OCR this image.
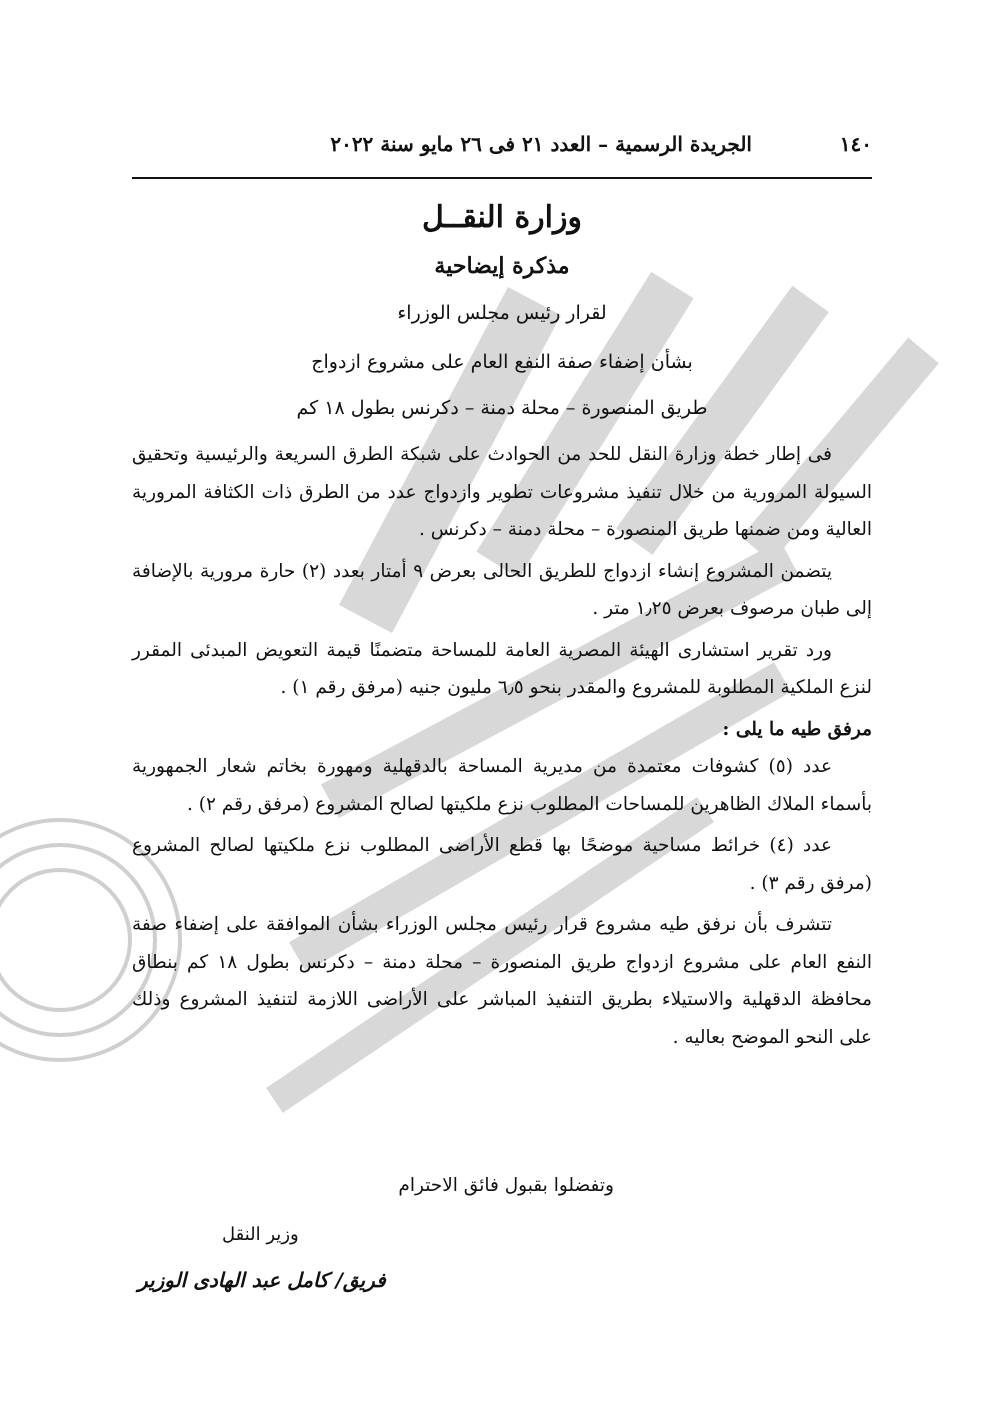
١٤٠
الجريدة الرسمية – العدد ٢١ فى ٢٦ مايو سنة ٢٠٢٢
وزارة النقــل
مذكرة إيضاحية
لقرار رئيس مجلس الوزراء
بشأن إضفاء صفة النفع العام على مشروع ازدواج
طريق المنصورة – محلة دمنة – دكرنس بطول ١٨ كم

فى إطار خطة وزارة النقل للحد من الحوادث على شبكة الطرق السريعة والرئيسية وتحقيق السيولة المرورية من خلال تنفيذ مشروعات تطوير وازدواج عدد من الطرق ذات الكثافة المرورية العالية ومن ضمنها طريق المنصورة – محلة دمنة – دكرنس .

يتضمن المشروع إنشاء ازدواج للطريق الحالى بعرض ٩ أمتار بعدد (٢) حارة مرورية بالإضافة إلى طبان مرصوف بعرض ١٫٢٥ متر .

ورد تقرير استشارى الهيئة المصرية العامة للمساحة متضمنًا قيمة التعويض المبدئى المقرر لنزع الملكية المطلوبة للمشروع والمقدر بنحو ٦٫٥ مليون جنيه (مرفق رقم ١) .

مرفق طيه ما يلى :

عدد (٥) كشوفات معتمدة من مديرية المساحة بالدقهلية ومهورة بخاتم شعار الجمهورية بأسماء الملاك الظاهرين للمساحات المطلوب نزع ملكيتها لصالح المشروع (مرفق رقم ٢) .

عدد (٤) خرائط مساحية موضحًا بها قطع الأراضى المطلوب نزع ملكيتها لصالح المشروع (مرفق رقم ٣) .

تتشرف بأن نرفق طيه مشروع قرار رئيس مجلس الوزراء بشأن الموافقة على إضفاء صفة النفع العام على مشروع ازدواج طريق المنصورة – محلة دمنة – دكرنس بطول ١٨ كم بنطاق محافظة الدقهلية والاستيلاء بطريق التنفيذ المباشر على الأراضى اللازمة لتنفيذ المشروع وذلك على النحو الموضح بعاليه .

وتفضلوا بقبول فائق الاحترام
وزير النقل
فريق/ كامل عبد الهادى الوزير
